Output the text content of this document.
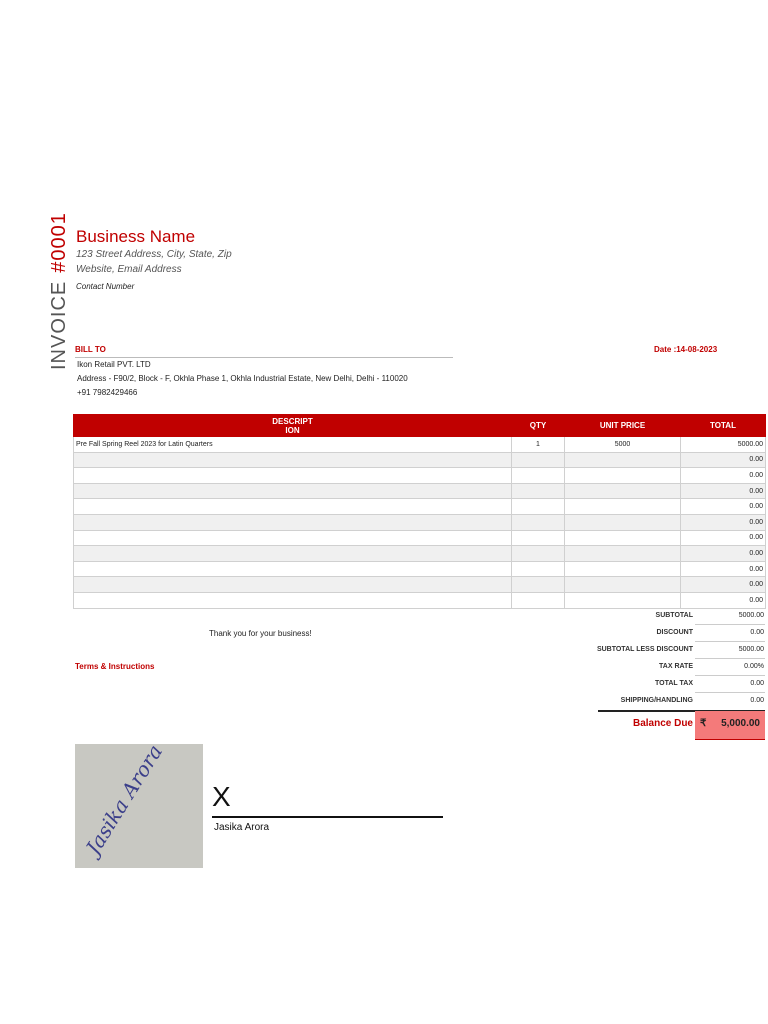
Business Name
123 Street Address, City, State, Zip
Website, Email Address
Contact Number
INVOICE#0001
BILL TO	Date :14-08-2023
Ikon Retail PVT. LTD
Address - F90/2, Block - F, Okhla Phase 1, Okhla Industrial Estate, New Delhi, Delhi - 110020
+91 7982429466
DESCRIPT
ION	QTY	UNIT PRICE	TOTAL
Pre Fall Spring Reel 2023 for Latin Quarters	1	5000	5000.00
			0.00
			0.00
			0.00
			0.00
			0.00
			0.00
			0.00
			0.00
			0.00
			0.00
Thank you for your business!
Terms & Instructions
SUBTOTAL	5000.00
DISCOUNT	0.00
SUBTOTAL LESS DISCOUNT	5000.00
TAX RATE	0.00%
TOTAL TAX	0.00
SHIPPING/HANDLING	0.00
Balance Due ₹	5,000.00
Jasika Arora X
Jasika Arora
